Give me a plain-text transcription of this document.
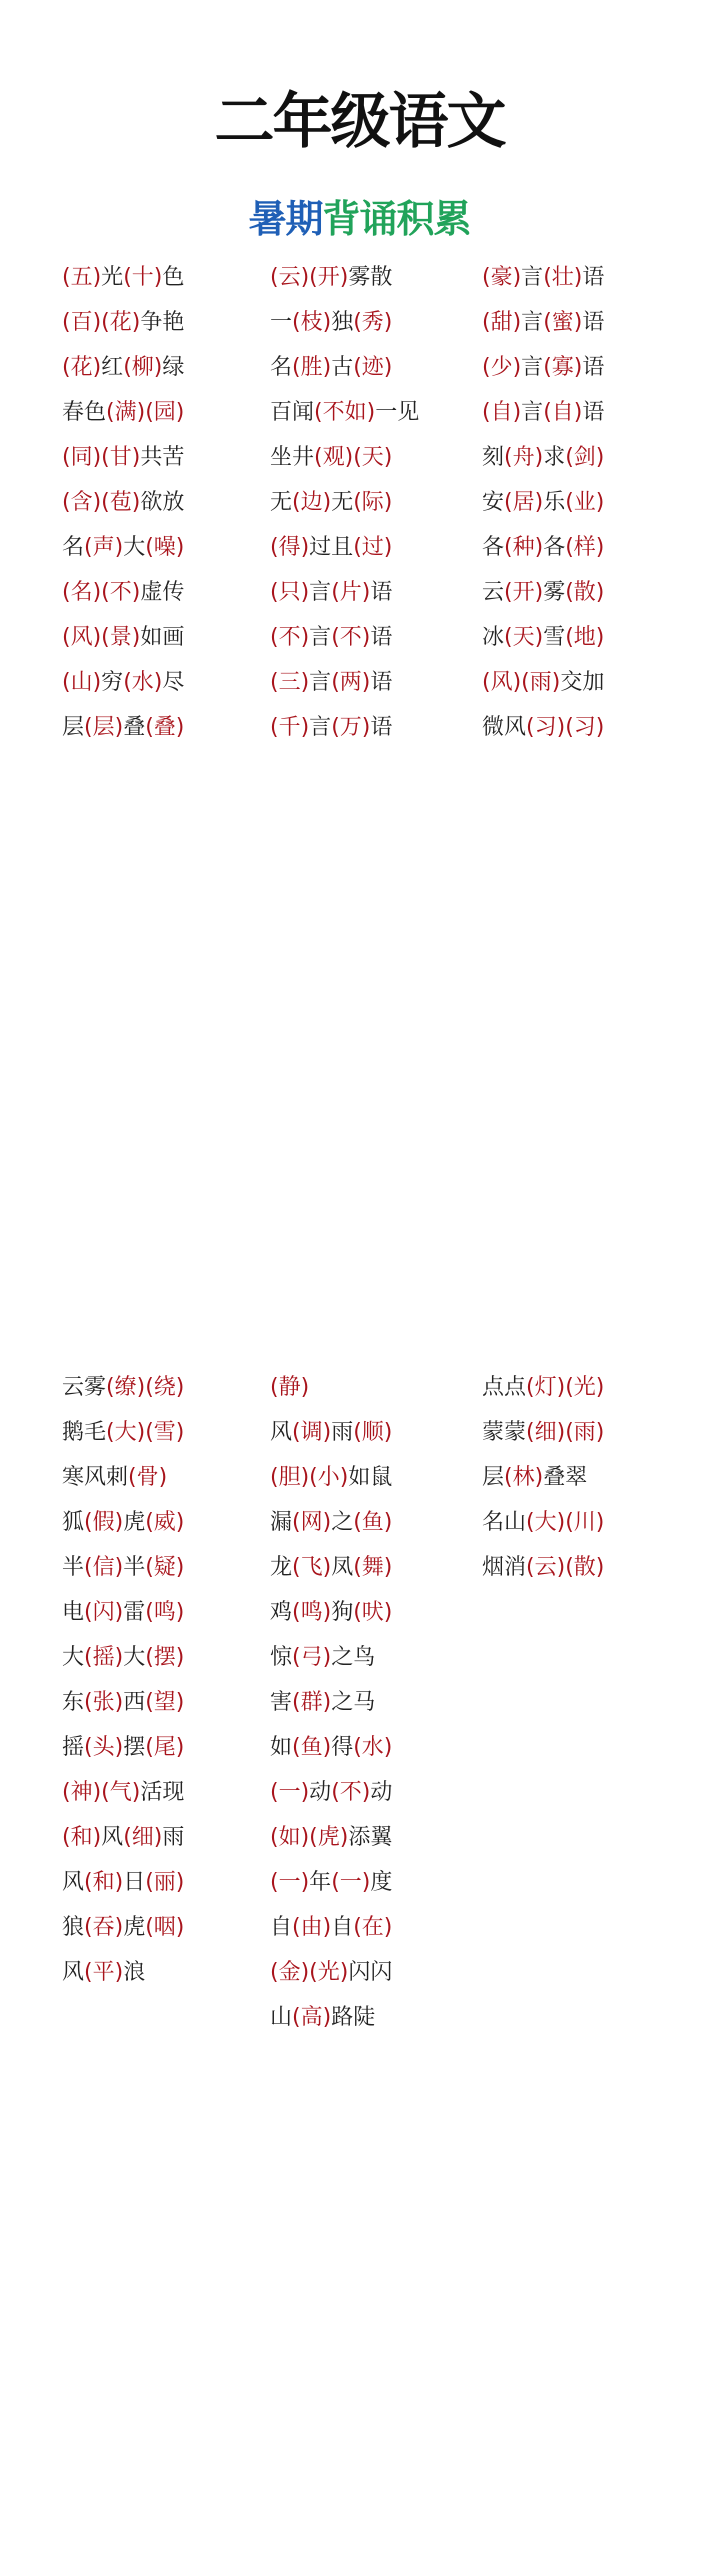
二年级语文
暑期背诵积累
(五)光(十)色
(百)(花)争艳
(花)红(柳)绿
春色(满)(园)
(同)(甘)共苦
(含)(苞)欲放
名(声)大(噪)
(名)(不)虚传
(风)(景)如画
(山)穷(水)尽
层(层)叠(叠)
(云)(开)雾散
一(枝)独(秀)
名(胜)古(迹)
百闻(不如)一见
坐井(观)(天)
无(边)无(际)
(得)过且(过)
(只)言(片)语
(不)言(不)语
(三)言(两)语
(千)言(万)语
(豪)言(壮)语
(甜)言(蜜)语
(少)言(寡)语
(自)言(自)语
刻(舟)求(剑)
安(居)乐(业)
各(种)各(样)
云(开)雾(散)
冰(天)雪(地)
(风)(雨)交加
微风(习)(习)
云雾(缭)(绕)
鹅毛(大)(雪)
寒风刺(骨)
狐(假)虎(威)
半(信)半(疑)
电(闪)雷(鸣)
大(摇)大(摆)
东(张)西(望)
摇(头)摆(尾)
(神)(气)活现
(和)风(细)雨
风(和)日(丽)
狼(吞)虎(咽)
风(平)浪
(静)
风(调)雨(顺)
(胆)(小)如鼠
漏(网)之(鱼)
龙(飞)凤(舞)
鸡(鸣)狗(吠)
惊(弓)之鸟
害(群)之马
如(鱼)得(水)
(一)动(不)动
(如)(虎)添翼
(一)年(一)度
自(由)自(在)
(金)(光)闪闪
山(高)路陡
点点(灯)(光)
蒙蒙(细)(雨)
层(林)叠翠
名山(大)(川)
烟消(云)(散)
